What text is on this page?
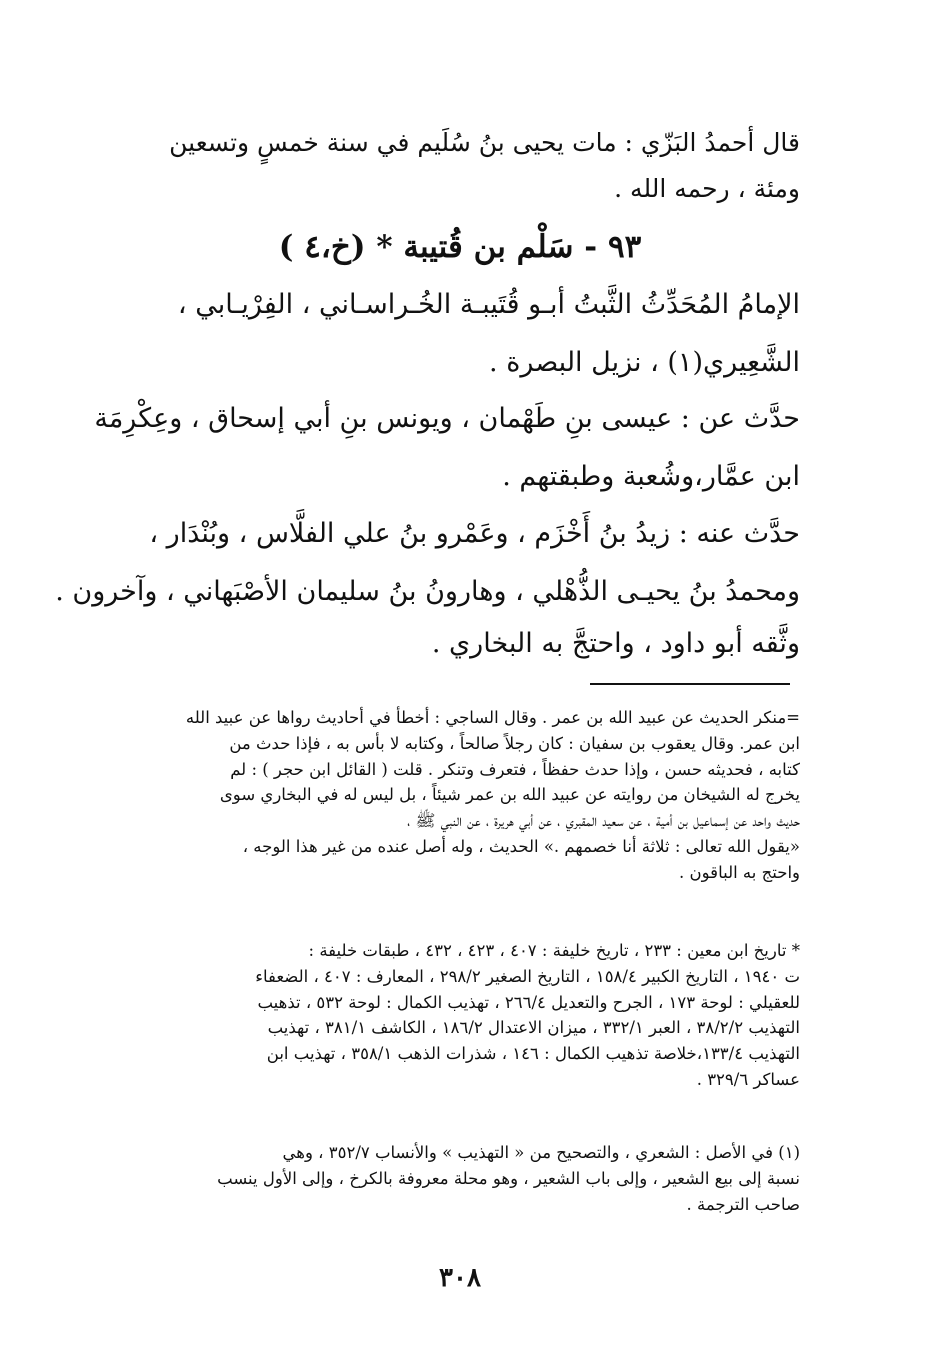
قال أحمدُ البَزّي : مات يحيى بنُ سُلَيم في سنة خمسٍ وتسعين
ومئة ، رحمه الله .
٩٣ - سَلْم بن قُتيبة * (خ،٤ )
الإمامُ المُحَدِّثُ الثَّبتُ أبـو قُتَيبـة الخُـراسـاني ، الفِرْيـابي ،
الشَّعِيري(١) ، نزيل البصرة .
حدَّث عن : عيسى بنِ طَهْمان ، ويونس بنِ أبي إسحاق ، وعِكْرِمَة
ابن عمَّار،وشُعبة وطبقتهم .
حدَّث عنه : زيدُ بنُ أَخْزَم ، وعَمْرو بنُ علي الفلَّاس ، وبُنْدَار ،
ومحمدُ بنُ يحيـى الذُّهْلي ، وهارونُ بنُ سليمان الأصْبَهاني ، وآخرون .
وثَّقه أبو داود ، واحتجَّ به البخاري .
=منكر الحديث عن عبيد الله بن عمر . وقال الساجي : أخطأ في أحاديث رواها عن عبيد الله
ابن عمر. وقال يعقوب بن سفيان : كان رجلاً صالحاً ، وكتابه لا بأس به ، فإذا حدث من
كتابه ، فحديثه حسن ، وإذا حدث حفظاً ، فتعرف وتنكر . قلت ( القائل ابن حجر ) : لم
يخرج له الشيخان من روايته عن عبيد الله بن عمر شيئاً ، بل ليس له في البخاري سوى
حديث واحد عن إسماعيل بن أمية ، عن سعيد المقبري ، عن أبي هريرة ، عن النبي ﷺ ،
«يقول الله تعالى : ثلاثة أنا خصمهم .» الحديث ، وله أصل عنده من غير هذا الوجه ،
واحتج به الباقون .
* تاريخ ابن معين : ٢٣٣ ، تاريخ خليفة : ٤٠٧ ، ٤٢٣ ، ٤٣٢ ، طبقات خليفة :
ت ١٩٤٠ ، التاريخ الكبير ١٥٨/٤ ، التاريخ الصغير ٢٩٨/٢ ، المعارف : ٤٠٧ ، الضعفاء
للعقيلي : لوحة ١٧٣ ، الجرح والتعديل ٢٦٦/٤ ، تهذيب الكمال : لوحة ٥٣٢ ، تذهيب
التهذيب ٣٨/٢/٢ ، العبر ٣٣٢/١ ، ميزان الاعتدال ١٨٦/٢ ، الكاشف ٣٨١/١ ، تهذيب
التهذيب ١٣٣/٤،خلاصة تذهيب الكمال : ١٤٦ ، شذرات الذهب ٣٥٨/١ ، تهذيب ابن
عساكر ٣٢٩/٦ .
(١) في الأصل : الشعري ، والتصحيح من « التهذيب » والأنساب ٣٥٢/٧ ، وهي
نسبة إلى بيع الشعير ، وإلى باب الشعير ، وهو محلة معروفة بالكرخ ، وإلى الأول ينسب
صاحب الترجمة .
٣٠٨
